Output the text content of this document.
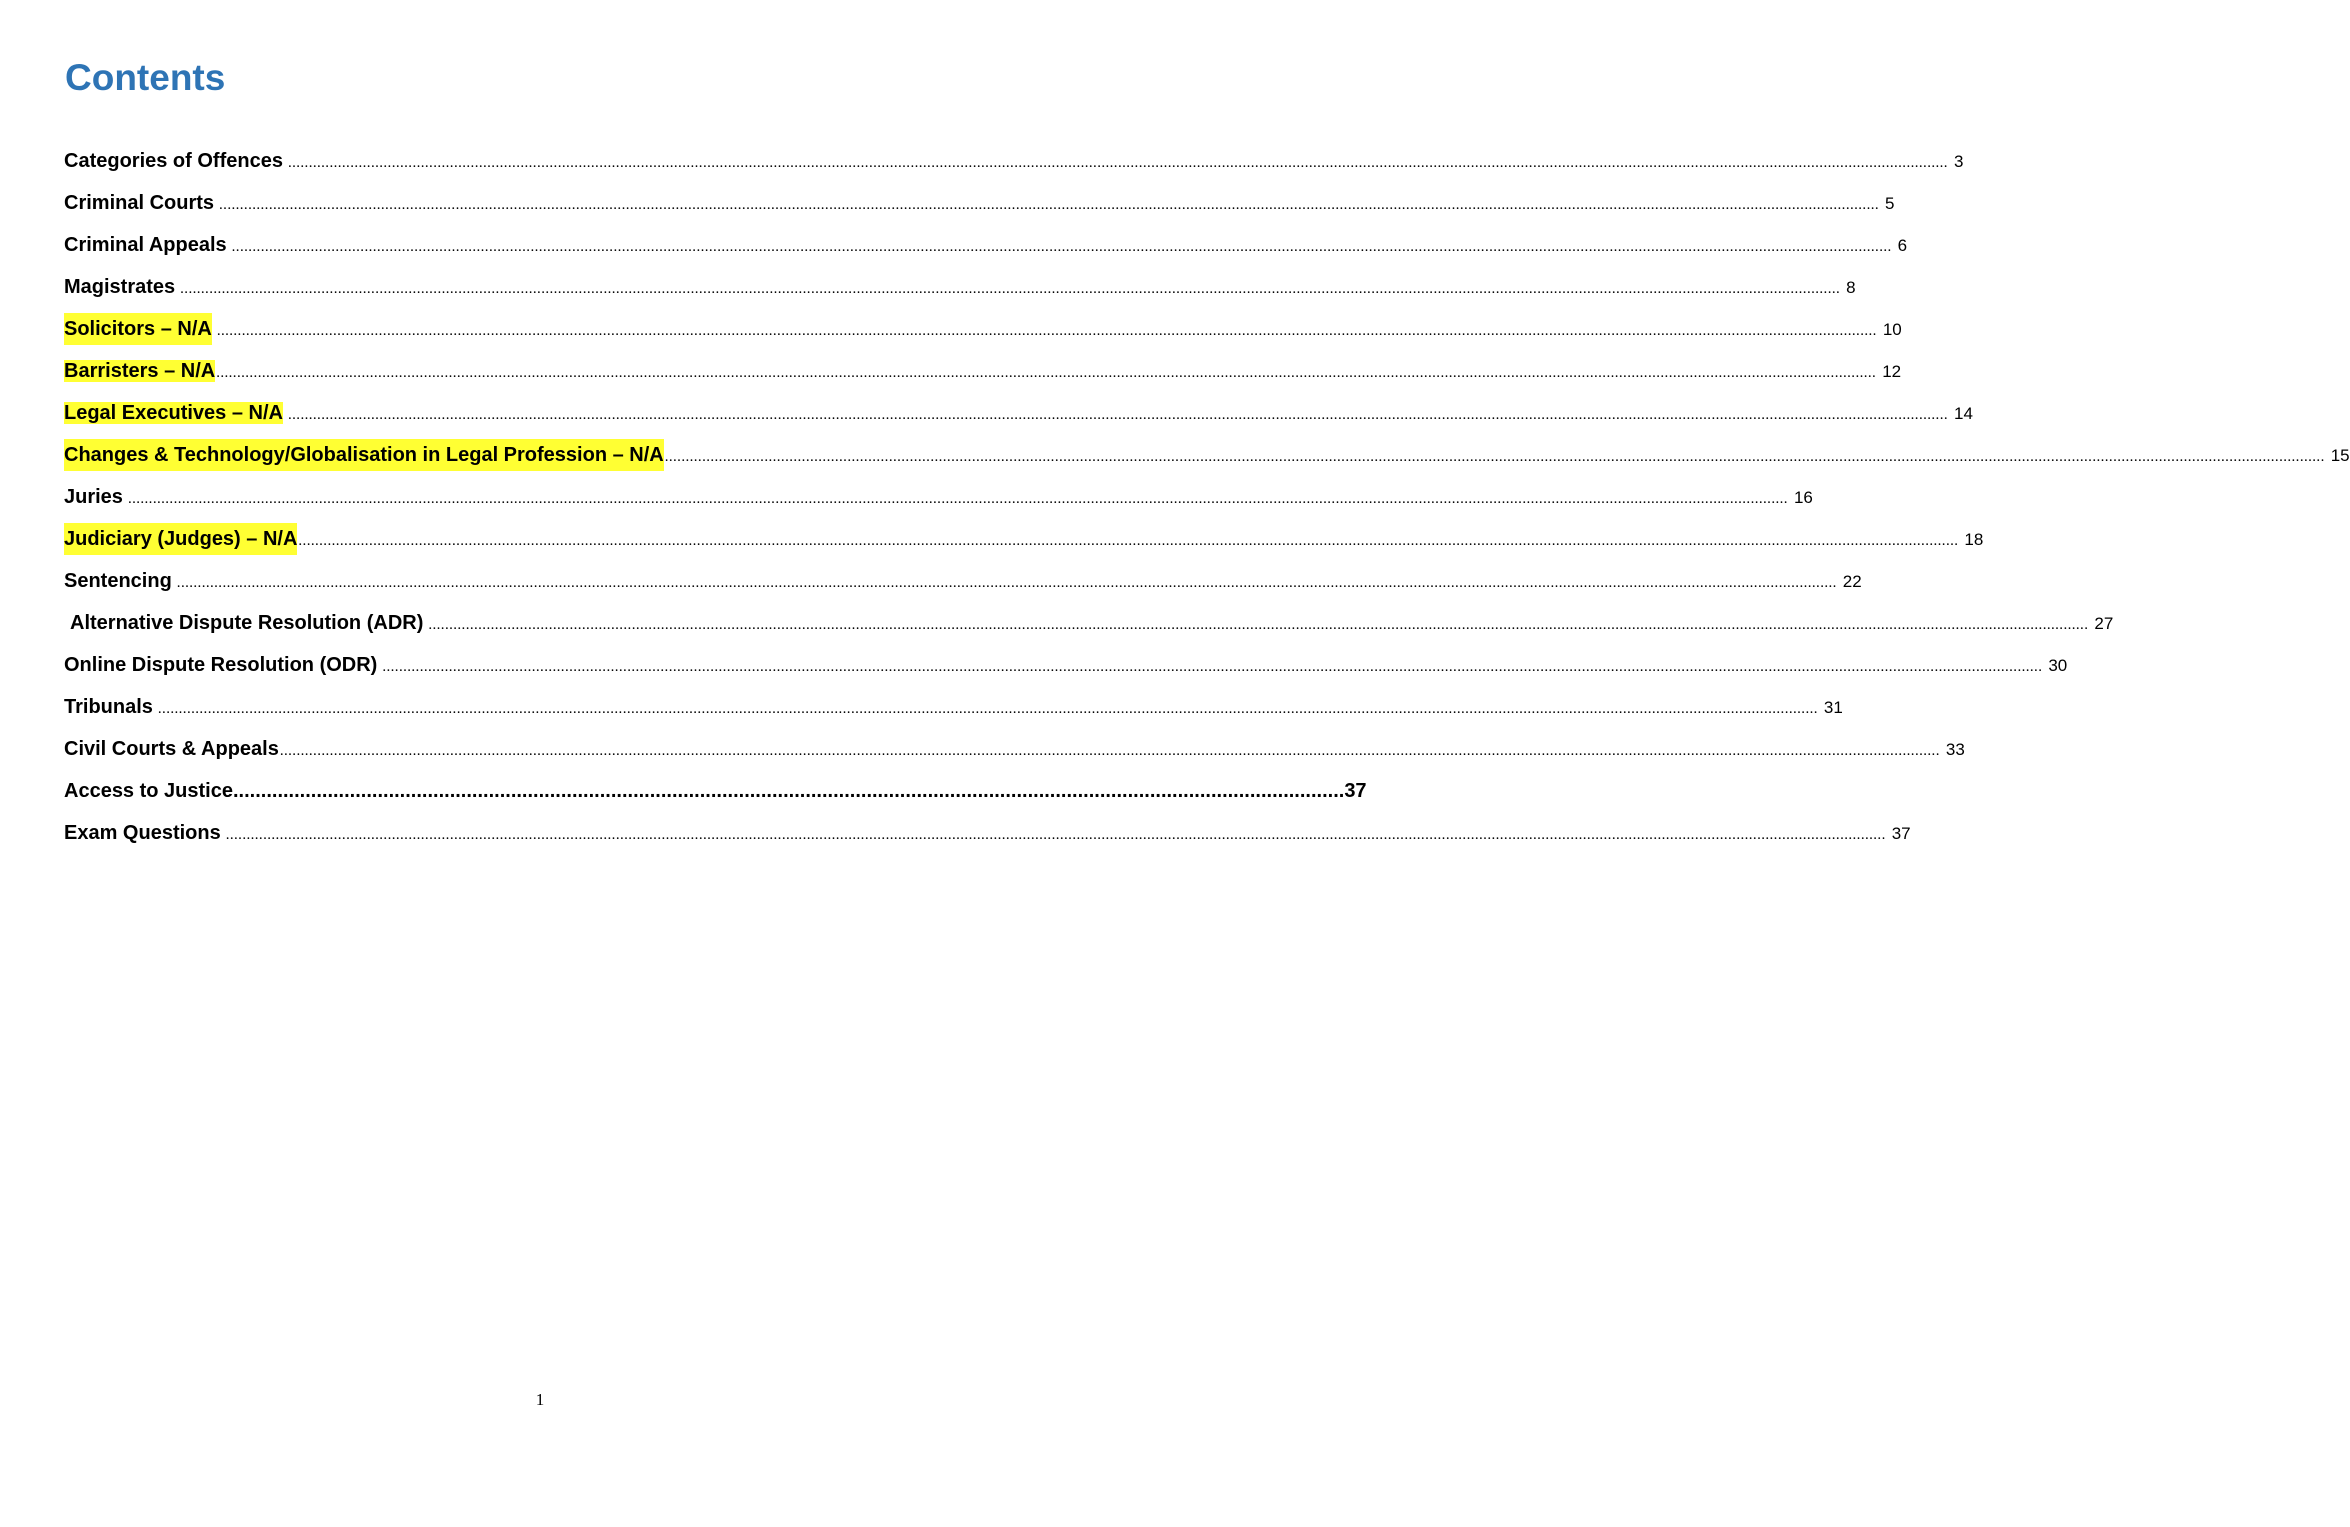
Contents
Categories of Offences ................................................................................................................................................................................................................................................................................................................................................................................................................ 3
Criminal Courts ................................................................................................................................................................................................................................................................................................................................................................................................................ 5
Criminal Appeals ................................................................................................................................................................................................................................................................................................................................................................................................................ 6
Magistrates ................................................................................................................................................................................................................................................................................................................................................................................................................ 8
Solicitors – N/A ................................................................................................................................................................................................................................................................................................................................................................................................................ 10
Barristers – N/A ................................................................................................................................................................................................................................................................................................................................................................................................................ 12
Legal Executives – N/A ................................................................................................................................................................................................................................................................................................................................................................................................................ 14
Changes & Technology/Globalisation in Legal Profession – N/A ................................................................................................................................................................................................................................................................................................................................................................................................................ 15
Juries ................................................................................................................................................................................................................................................................................................................................................................................................................ 16
Judiciary (Judges) – N/A ................................................................................................................................................................................................................................................................................................................................................................................................................ 18
Sentencing ................................................................................................................................................................................................................................................................................................................................................................................................................ 22
Alternative Dispute Resolution (ADR) ................................................................................................................................................................................................................................................................................................................................................................................................................ 27
Online Dispute Resolution (ODR) ................................................................................................................................................................................................................................................................................................................................................................................................................ 30
Tribunals ................................................................................................................................................................................................................................................................................................................................................................................................................ 31
Civil Courts & Appeals ................................................................................................................................................................................................................................................................................................................................................................................................................ 33
Access to Justice ........................................................................................................................................................................................................ 37
Exam Questions ................................................................................................................................................................................................................................................................................................................................................................................................................ 37
1
